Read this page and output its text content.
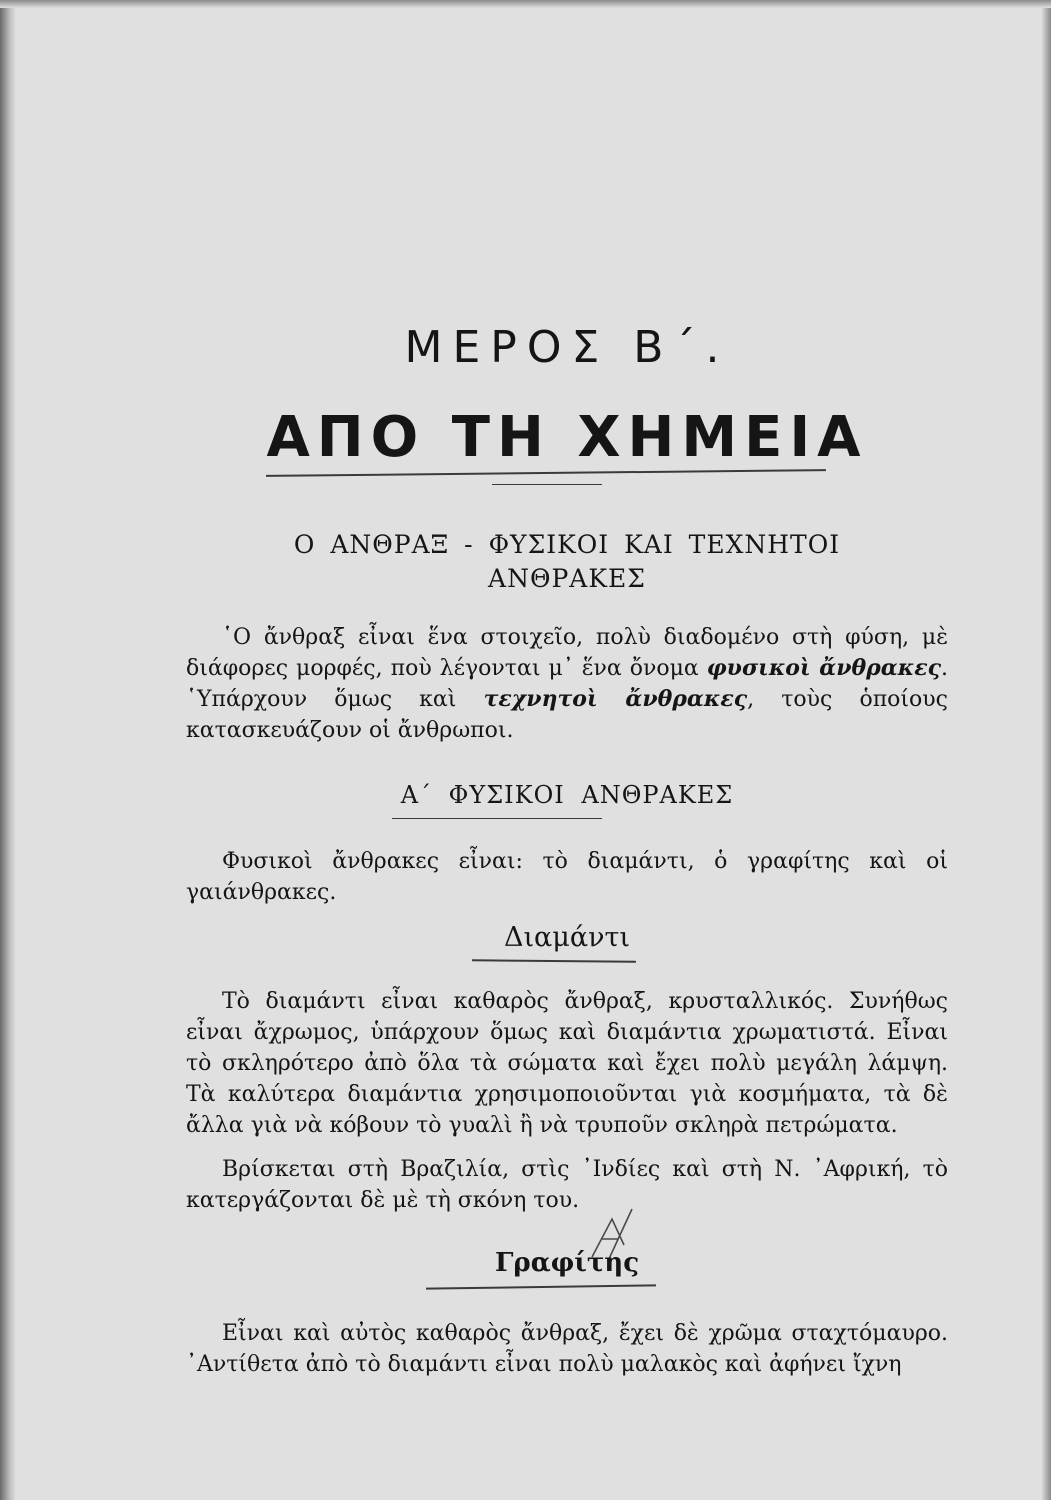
ΜΕΡΟΣ Β΄.
ΑΠΟ ΤΗ ΧΗΜΕΙΑ
Ο ΑΝΘΡΑΞ - ΦΥΣΙΚΟΙ ΚΑΙ ΤΕΧΝΗΤΟΙ
ΑΝΘΡΑΚΕΣ

῾Ο ἄνθραξ εἶναι ἕνα στοιχεῖο, πολὺ διαδομένο στὴ φύση, μὲ διάφορες μορφές, ποὺ λέγονται μ᾿ ἕνα ὄνομα φυσικοὶ ἄνθρακες. ῾Υπάρχουν ὅμως καὶ τεχνητοὶ ἄνθρακες, τοὺς ὁποίους κατασκευάζουν οἱ ἄνθρωποι.

Α΄ ΦΥΣΙΚΟΙ ΑΝΘΡΑΚΕΣ

Φυσικοὶ ἄνθρακες εἶναι: τὸ διαμάντι, ὁ γραφίτης καὶ οἱ γαιάνθρακες.

Διαμάντι

Τὸ διαμάντι εἶναι καθαρὸς ἄνθραξ, κρυσταλλικός. Συνήθως εἶναι ἄχρωμος, ὑπάρχουν ὅμως καὶ διαμάντια χρωματιστά. Εἶναι τὸ σκληρότερο ἀπὸ ὅλα τὰ σώματα καὶ ἔχει πολὺ μεγάλη λάμψη. Τὰ καλύτερα διαμάντια χρησιμοποιοῦνται γιὰ κοσμήματα, τὰ δὲ ἄλλα γιὰ νὰ κόβουν τὸ γυαλὶ ἢ νὰ τρυποῦν σκληρὰ πετρώματα.

Βρίσκεται στὴ Βραζιλία, στὶς ᾿Ινδίες καὶ στὴ Ν. ᾿Αφρική, τὸ κατεργάζονται δὲ μὲ τὴ σκόνη του.

Γραφίτης

Εἶναι καὶ αὐτὸς καθαρὸς ἄνθραξ, ἔχει δὲ χρῶμα σταχτόμαυρο. ᾿Αντίθετα ἀπὸ τὸ διαμάντι εἶναι πολὺ μαλακὸς καὶ ἀφήνει ἴχνη
